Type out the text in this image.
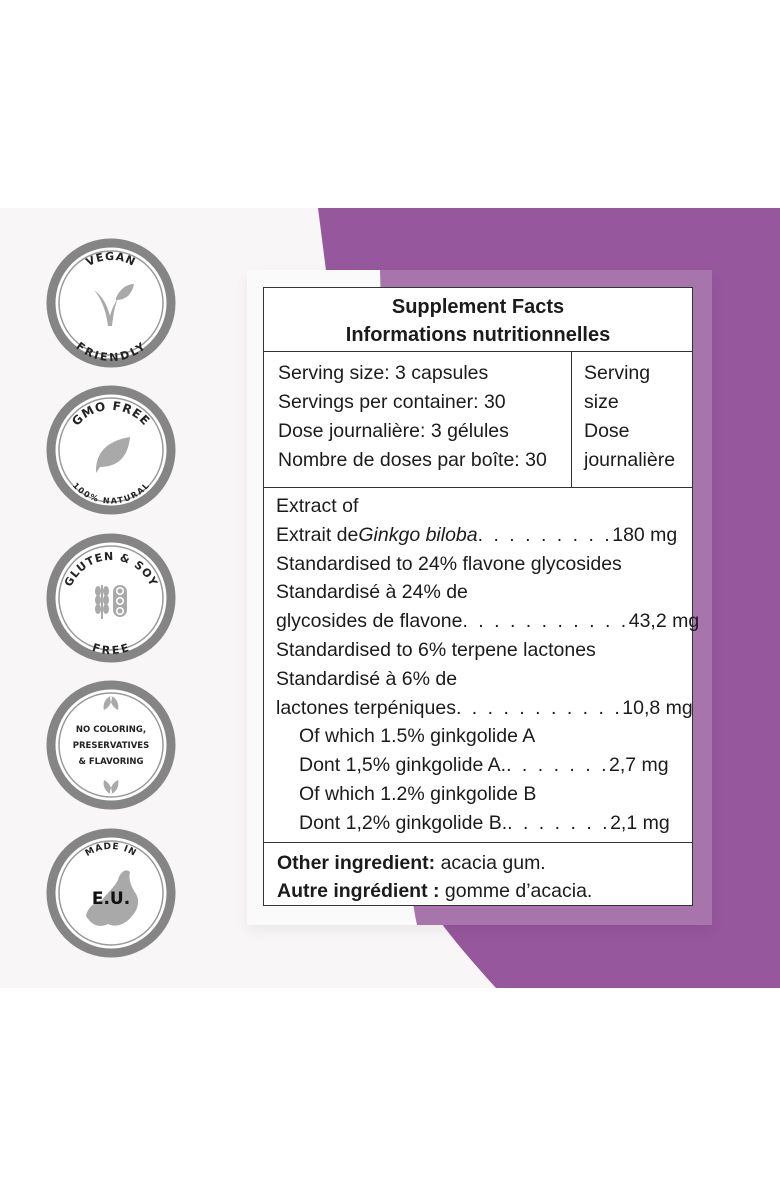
VEGAN
FRIENDLY
GMO FREE
100% NATURAL
GLUTEN & SOY
FREE
NO COLORING,
PRESERVATIVES
& FLAVORING
MADE IN
E.U.
Supplement Facts
Informations nutritionnelles
Serving size: 3 capsules
Servings per container: 30
Dose journalière: 3 gélules
Nombre de doses par boîte: 30
Serving
size
Dose
journalière
Extract of
Extrait de Ginkgo biloba . . . . . . . . . 180 mg
Standardised to 24% flavone glycosides
Standardisé à 24% de
glycosides de flavone . . . . . . . . . . . 43,2 mg
Standardised to 6% terpene lactones
Standardisé à 6% de
lactones terpéniques . . . . . . . . . . . 10,8 mg
Of which 1.5% ginkgolide A
Dont 1,5% ginkgolide A. . . . . . . . 2,7 mg
Of which 1.2% ginkgolide B
Dont 1,2% ginkgolide B. . . . . . . . 2,1 mg
Other ingredient: acacia gum.
Autre ingrédient : gomme d’acacia.
